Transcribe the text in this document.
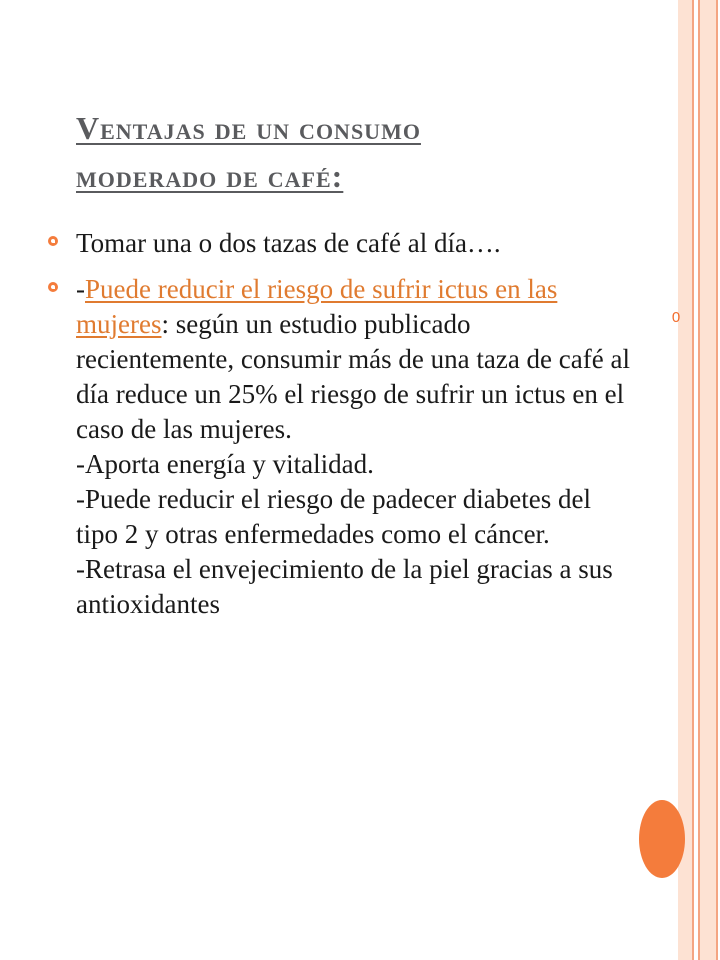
0
Ventajas de un consumo
moderado de café:
Tomar una o dos tazas de café al día….
-Puede reducir el riesgo de sufrir ictus en las mujeres: según un estudio publicado recientemente, consumir más de una taza de café al día reduce un 25% el riesgo de sufrir un ictus en el caso de las mujeres.
-Aporta energía y vitalidad.
-Puede reducir el riesgo de padecer diabetes del tipo 2 y otras enfermedades como el cáncer.
-Retrasa el envejecimiento de la piel gracias a sus antioxidantes
